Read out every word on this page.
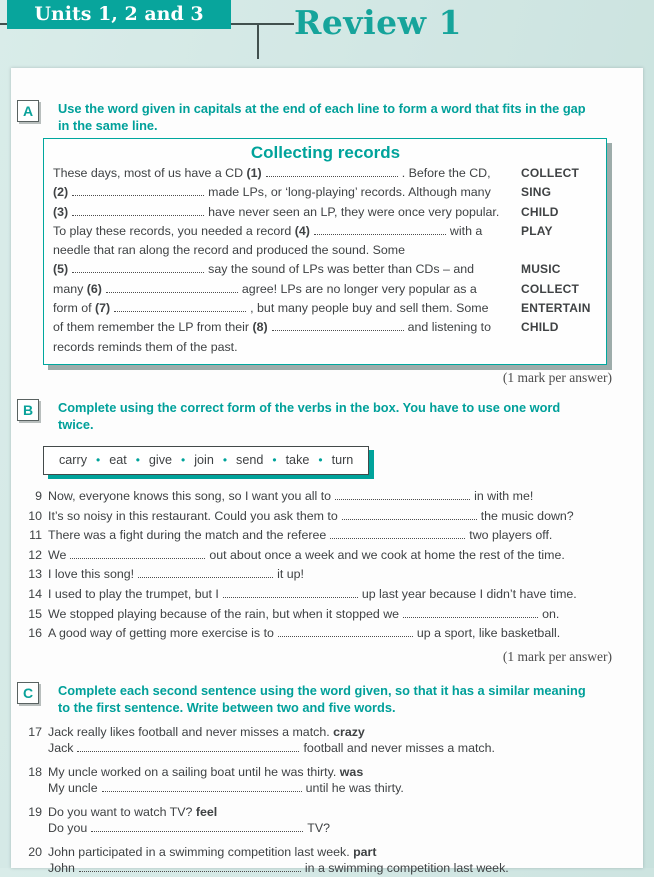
Units 1, 2 and 3	Review 1
A	Use the word given in capitals at the end of each line to form a word that fits in the gap in the same line.
Collecting records
These days, most of us have a CD (1)	. Before the CD,	COLLECT
(2)	made LPs, or ‘long-playing’ records. Although many	SING
(3)	have never seen an LP, they were once very popular.	CHILD
To play these records, you needed a record (4)	with a	PLAY
needle that ran along the record and produced the sound. Some
(5)	say the sound of LPs was better than CDs – and	MUSIC
many (6)	agree! LPs are no longer very popular as a	COLLECT
form of (7)	, but many people buy and sell them. Some	ENTERTAIN
of them remember the LP from their (8)	and listening to	CHILD
records reminds them of the past.
(1 mark per answer)
B	Complete using the correct form of the verbs in the box. You have to use one word twice.
carry • eat • give • join • send • take • turn
9 Now, everyone knows this song, so I want you all to	in with me!
10 It’s so noisy in this restaurant. Could you ask them to	the music down?
11 There was a fight during the match and the referee	two players off.
12 We	out about once a week and we cook at home the rest of the time.
13 I love this song!	it up!
14 I used to play the trumpet, but I	up last year because I didn’t have time.
15 We stopped playing because of the rain, but when it stopped we	on.
16 A good way of getting more exercise is to	up a sport, like basketball.
(1 mark per answer)
C	Complete each second sentence using the word given, so that it has a similar meaning to the first sentence. Write between two and five words.
17 Jack really likes football and never misses a match. crazy
Jack	football and never misses a match.
18 My uncle worked on a sailing boat until he was thirty. was
My uncle	until he was thirty.
19 Do you want to watch TV? feel
Do you	TV?
20 John participated in a swimming competition last week. part
John	in a swimming competition last week.
